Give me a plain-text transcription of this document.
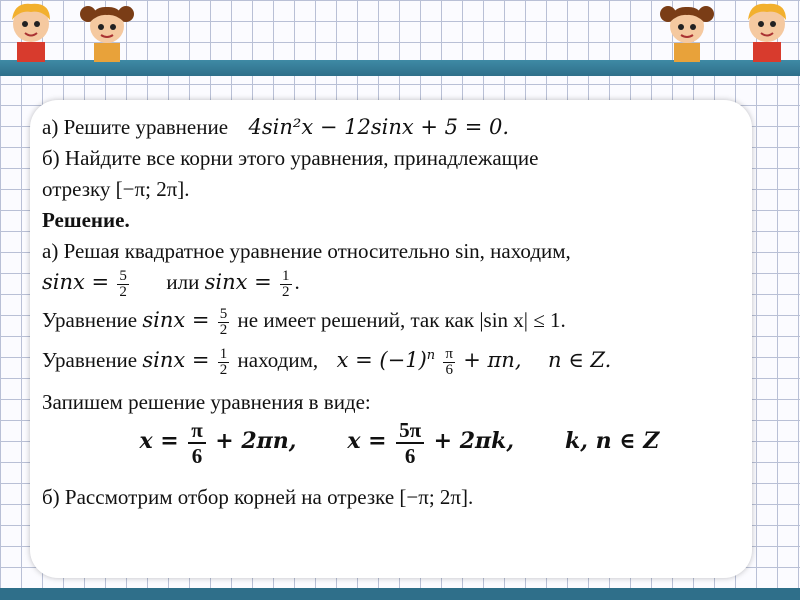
а) Решите уравнение 4sin²x − 12sinx + 5 = 0.
б) Найдите все корни этого уравнения, принадлежащие
отрезку [−π; 2π].
Решение.
а) Решая квадратное уравнение относительно sin, находим,
$\sin x = \frac{5}{2}$ или $\sin x = \frac{1}{2}$ .
Уравнение $\sin x = \frac{5}{2}$ не имеет решений, так как |sin x| ≤ 1.
Уравнение $\sin x = \frac{1}{2}$ находим, $x = (-1)^n \frac{\pi}{6} + \pi n$, n ∈ Z.
Запишем решение уравнения в виде:
$x = \frac{\pi}{6} + 2\pi n$, $x = \frac{5\pi}{6} + 2\pi k$, k, n ∈ Z
б) Рассмотрим отбор корней на отрезке [−π; 2π].
